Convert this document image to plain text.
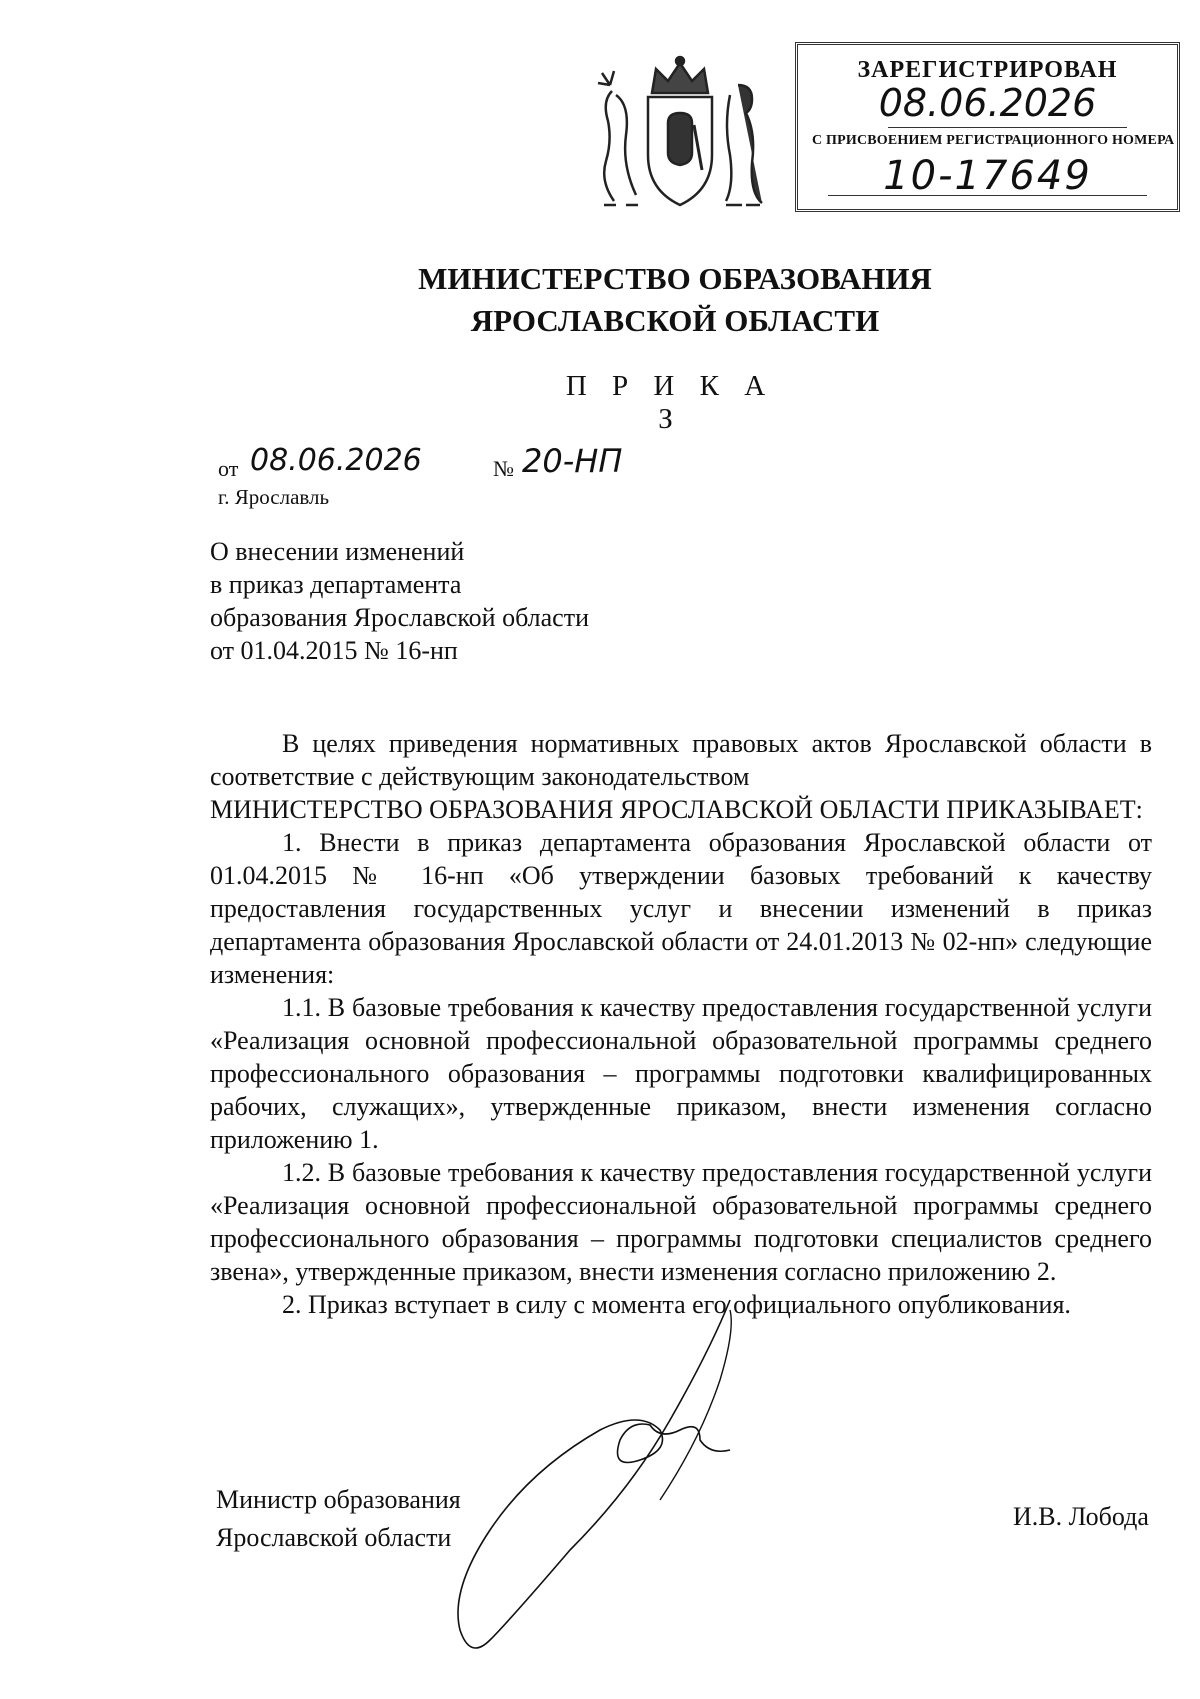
ЗАРЕГИСТРИРОВАН
08.06.2026
С ПРИСВОЕНИЕМ РЕГИСТРАЦИОННОГО НОМЕРА
10-17649
МИНИСТЕРСТВО ОБРАЗОВАНИЯ
ЯРОСЛАВСКОЙ ОБЛАСТИ
П Р И К А З
от 08.06.2026	№ 20-НП
г. Ярославль
О внесении изменений
в приказ департамента
образования Ярославской области
от 01.04.2015 № 16-нп

В целях приведения нормативных правовых актов Ярославской области в соответствие с действующим законодательством

МИНИСТЕРСТВО ОБРАЗОВАНИЯ ЯРОСЛАВСКОЙ ОБЛАСТИ ПРИКАЗЫВАЕТ:

1. Внести в приказ департамента образования Ярославской области от 01.04.2015 № 16-нп «Об утверждении базовых требований к качеству предоставления государственных услуг и внесении изменений в приказ департамента образования Ярославской области от 24.01.2013 № 02-нп» следующие изменения:

1.1. В базовые требования к качеству предоставления государственной услуги «Реализация основной профессиональной образовательной программы среднего профессионального образования – программы подготовки квалифицированных рабочих, служащих», утвержденные приказом, внести изменения согласно приложению 1.

1.2. В базовые требования к качеству предоставления государственной услуги «Реализация основной профессиональной образовательной программы среднего профессионального образования – программы подготовки специалистов среднего звена», утвержденные приказом, внести изменения согласно приложению 2.

2. Приказ вступает в силу с момента его официального опубликования.

Министр образования
Ярославской области
И.В. Лобода
